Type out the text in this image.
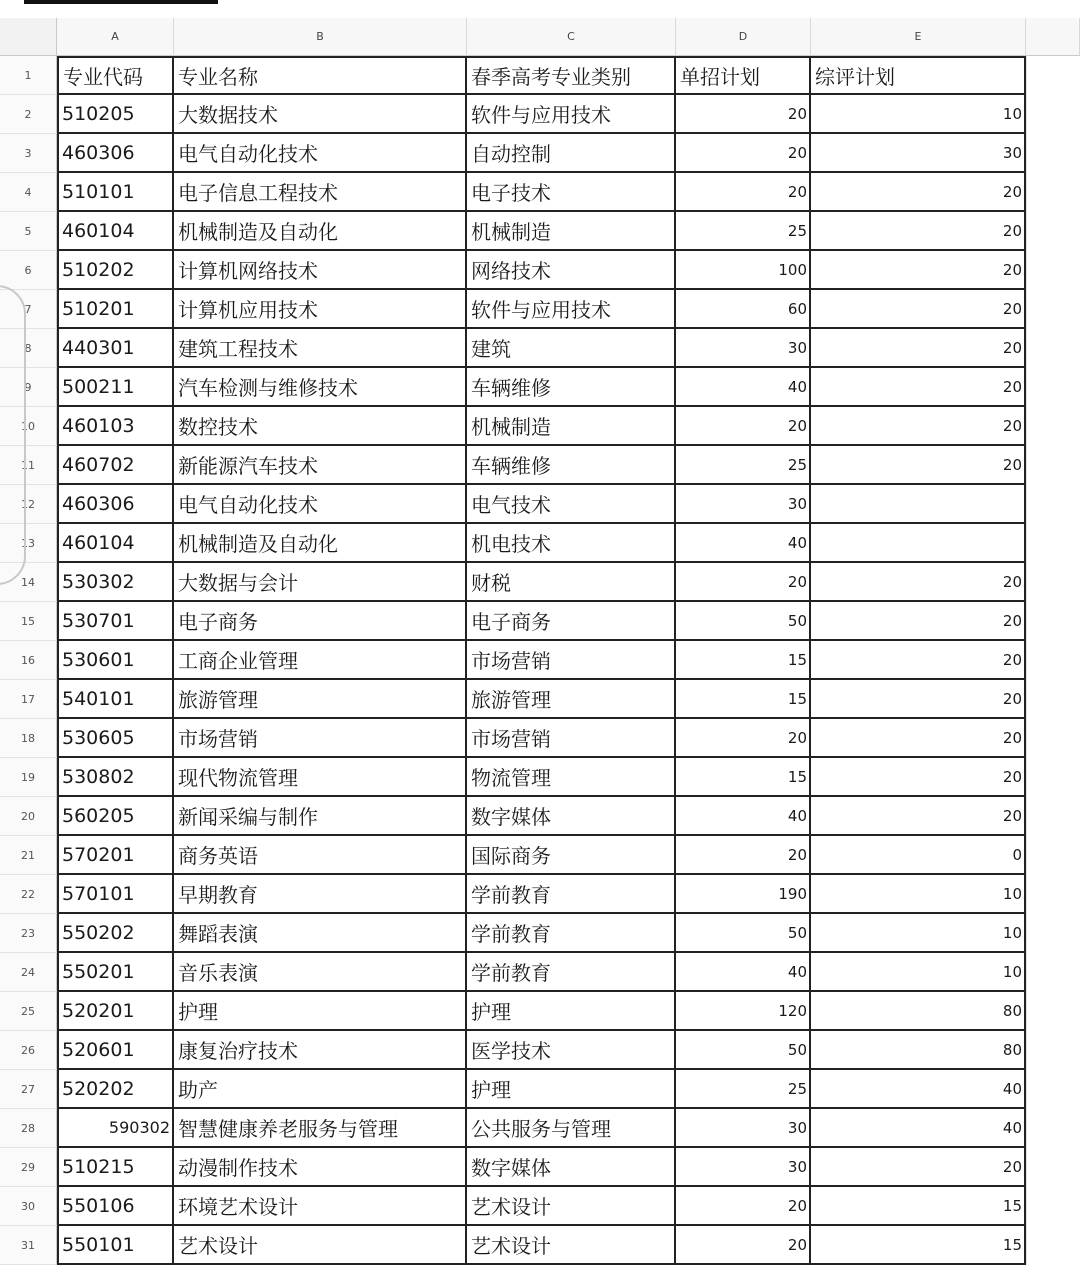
A	B	C	D	E
1	专业代码	专业名称	春季高考专业类别	单招计划	综评计划
2	510205	大数据技术	软件与应用技术	20	10
3	460306	电气自动化技术	自动控制	20	30
4	510101	电子信息工程技术	电子技术	20	20
5	460104	机械制造及自动化	机械制造	25	20
6	510202	计算机网络技术	网络技术	100	20
7	510201	计算机应用技术	软件与应用技术	60	20
8	440301	建筑工程技术	建筑	30	20
9	500211	汽车检测与维修技术	车辆维修	40	20
10	460103	数控技术	机械制造	20	20
11	460702	新能源汽车技术	车辆维修	25	20
12	460306	电气自动化技术	电气技术	30
13	460104	机械制造及自动化	机电技术	40
14	530302	大数据与会计	财税	20	20
15	530701	电子商务	电子商务	50	20
16	530601	工商企业管理	市场营销	15	20
17	540101	旅游管理	旅游管理	15	20
18	530605	市场营销	市场营销	20	20
19	530802	现代物流管理	物流管理	15	20
20	560205	新闻采编与制作	数字媒体	40	20
21	570201	商务英语	国际商务	20	0
22	570101	早期教育	学前教育	190	10
23	550202	舞蹈表演	学前教育	50	10
24	550201	音乐表演	学前教育	40	10
25	520201	护理	护理	120	80
26	520601	康复治疗技术	医学技术	50	80
27	520202	助产	护理	25	40
28	590302 智慧健康养老服务与管理	公共服务与管理	30	40
29	510215	动漫制作技术	数字媒体	30	20
30	550106	环境艺术设计	艺术设计	20	15
31	550101	艺术设计	艺术设计	20	15
